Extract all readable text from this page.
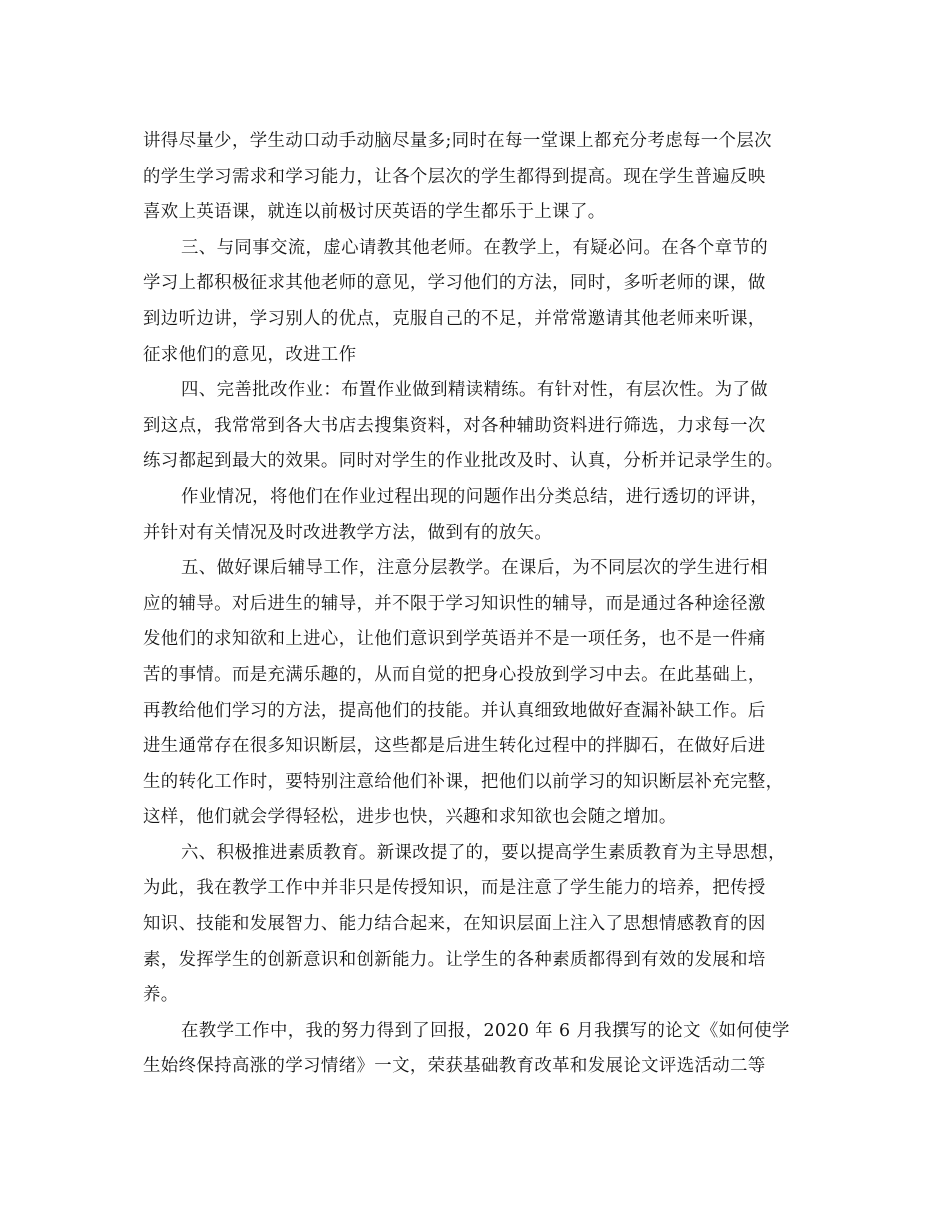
讲得尽量少，学生动口动手动脑尽量多;同时在每一堂课上都充分考虑每一个层次
的学生学习需求和学习能力，让各个层次的学生都得到提高。现在学生普遍反映
喜欢上英语课，就连以前极讨厌英语的学生都乐于上课了。

三、与同事交流，虚心请教其他老师。在教学上，有疑必问。在各个章节的
学习上都积极征求其他老师的意见，学习他们的方法，同时，多听老师的课，做
到边听边讲，学习别人的优点，克服自己的不足，并常常邀请其他老师来听课，
征求他们的意见，改进工作

四、完善批改作业：布置作业做到精读精练。有针对性，有层次性。为了做
到这点，我常常到各大书店去搜集资料，对各种辅助资料进行筛选，力求每一次
练习都起到最大的效果。同时对学生的作业批改及时、认真，分析并记录学生的。

作业情况，将他们在作业过程出现的问题作出分类总结，进行透切的评讲，
并针对有关情况及时改进教学方法，做到有的放矢。

五、做好课后辅导工作，注意分层教学。在课后，为不同层次的学生进行相
应的辅导。对后进生的辅导，并不限于学习知识性的辅导，而是通过各种途径激
发他们的求知欲和上进心，让他们意识到学英语并不是一项任务，也不是一件痛
苦的事情。而是充满乐趣的，从而自觉的把身心投放到学习中去。在此基础上，
再教给他们学习的方法，提高他们的技能。并认真细致地做好查漏补缺工作。后
进生通常存在很多知识断层，这些都是后进生转化过程中的拌脚石，在做好后进
生的转化工作时，要特别注意给他们补课，把他们以前学习的知识断层补充完整，
这样，他们就会学得轻松，进步也快，兴趣和求知欲也会随之增加。

六、积极推进素质教育。新课改提了的，要以提高学生素质教育为主导思想，
为此，我在教学工作中并非只是传授知识，而是注意了学生能力的培养，把传授
知识、技能和发展智力、能力结合起来，在知识层面上注入了思想情感教育的因
素，发挥学生的创新意识和创新能力。让学生的各种素质都得到有效的发展和培
养。

在教学工作中，我的努力得到了回报，2020 年 6 月我撰写的论文《如何使学
生始终保持高涨的学习情绪》一文，荣获基础教育改革和发展论文评选活动二等
